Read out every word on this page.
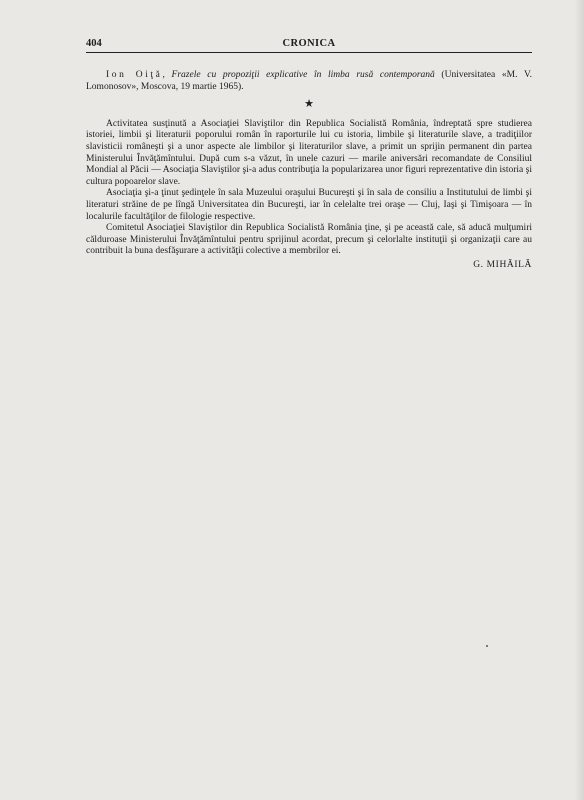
404	CRONICA

Ion Oiţă, Frazele cu propoziţii explicative în limba rusă contemporană (Universitatea «M. V. Lomonosov», Moscova, 19 martie 1965).

★

Activitatea susţinută a Asociaţiei Slaviştilor din Republica Socialistă România, îndreptată spre studierea istoriei, limbii şi literaturii poporului român în raporturile lui cu istoria, limbile şi literaturile slave, a tradiţiilor slavisticii româneşti şi a unor aspecte ale limbilor şi literaturilor slave, a primit un sprijin permanent din partea Ministerului Învăţămîntului. După cum s-a văzut, în unele cazuri — marile aniversări recomandate de Consiliul Mondial al Păcii — Asociaţia Slaviştilor şi-a adus contribuţia la popularizarea unor figuri reprezentative din istoria şi cultura popoarelor slave.

Asociaţia şi-a ţinut şedinţele în sala Muzeului oraşului Bucureşti şi în sala de consiliu a Institutului de limbi şi literaturi străine de pe lîngă Universitatea din Bucureşti, iar în celelalte trei oraşe — Cluj, Iaşi şi Timişoara — în localurile facultăţilor de filologie respective.

Comitetul Asociaţiei Slaviştilor din Republica Socialistă România ţine, şi pe această cale, să aducă mulţumiri călduroase Ministerului Învăţămîntului pentru sprijinul acordat, precum şi celorlalte instituţii şi organizaţii care au contribuit la buna desfăşurare a activităţii colective a membrilor ei.

G. MIHĂILĂ
